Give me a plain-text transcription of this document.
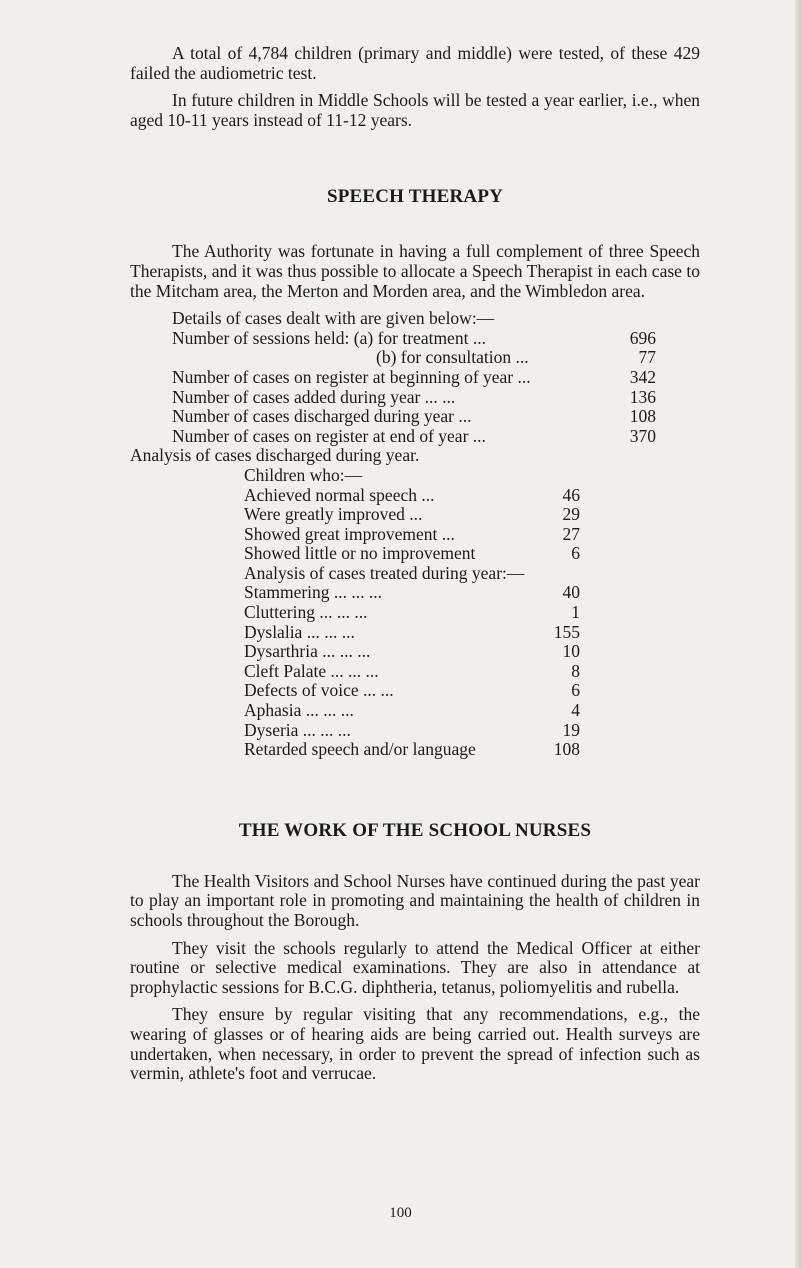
A total of 4,784 children (primary and middle) were tested, of these 429 failed the audiometric test.

In future children in Middle Schools will be tested a year earlier, i.e., when aged 10-11 years instead of 11-12 years.

SPEECH THERAPY

The Authority was fortunate in having a full complement of three Speech Therapists, and it was thus possible to allocate a Speech Therapist in each case to the Mitcham area, the Merton and Morden area, and the Wimbledon area.

Details of cases dealt with are given below:—

Number of sessions held: (a) for treatment ...	696
(b) for consultation ...	77
Number of cases on register at beginning of year ...	342
Number of cases added during year ... ...	136
Number of cases discharged during year ...	108
Number of cases on register at end of year ...	370
Analysis of cases discharged during year.
Children who:—
Achieved normal speech ...	46
Were greatly improved ...	29
Showed great improvement ...	27
Showed little or no improvement	6
Analysis of cases treated during year:—
Stammering ... ... ...	40
Cluttering ... ... ...	1
Dyslalia ... ... ...	155
Dysarthria ... ... ...	10
Cleft Palate ... ... ...	8
Defects of voice ... ...	6
Aphasia ... ... ...	4
Dyseria ... ... ...	19
Retarded speech and/or language	108
THE WORK OF THE SCHOOL NURSES

The Health Visitors and School Nurses have continued during the past year to play an important role in promoting and maintaining the health of children in schools throughout the Borough.

They visit the schools regularly to attend the Medical Officer at either routine or selective medical examinations. They are also in attendance at prophylactic sessions for B.C.G. diphtheria, tetanus, poliomyelitis and rubella.

They ensure by regular visiting that any recommendations, e.g., the wearing of glasses or of hearing aids are being carried out. Health surveys are undertaken, when necessary, in order to prevent the spread of infection such as vermin, athlete's foot and verrucae.

100
